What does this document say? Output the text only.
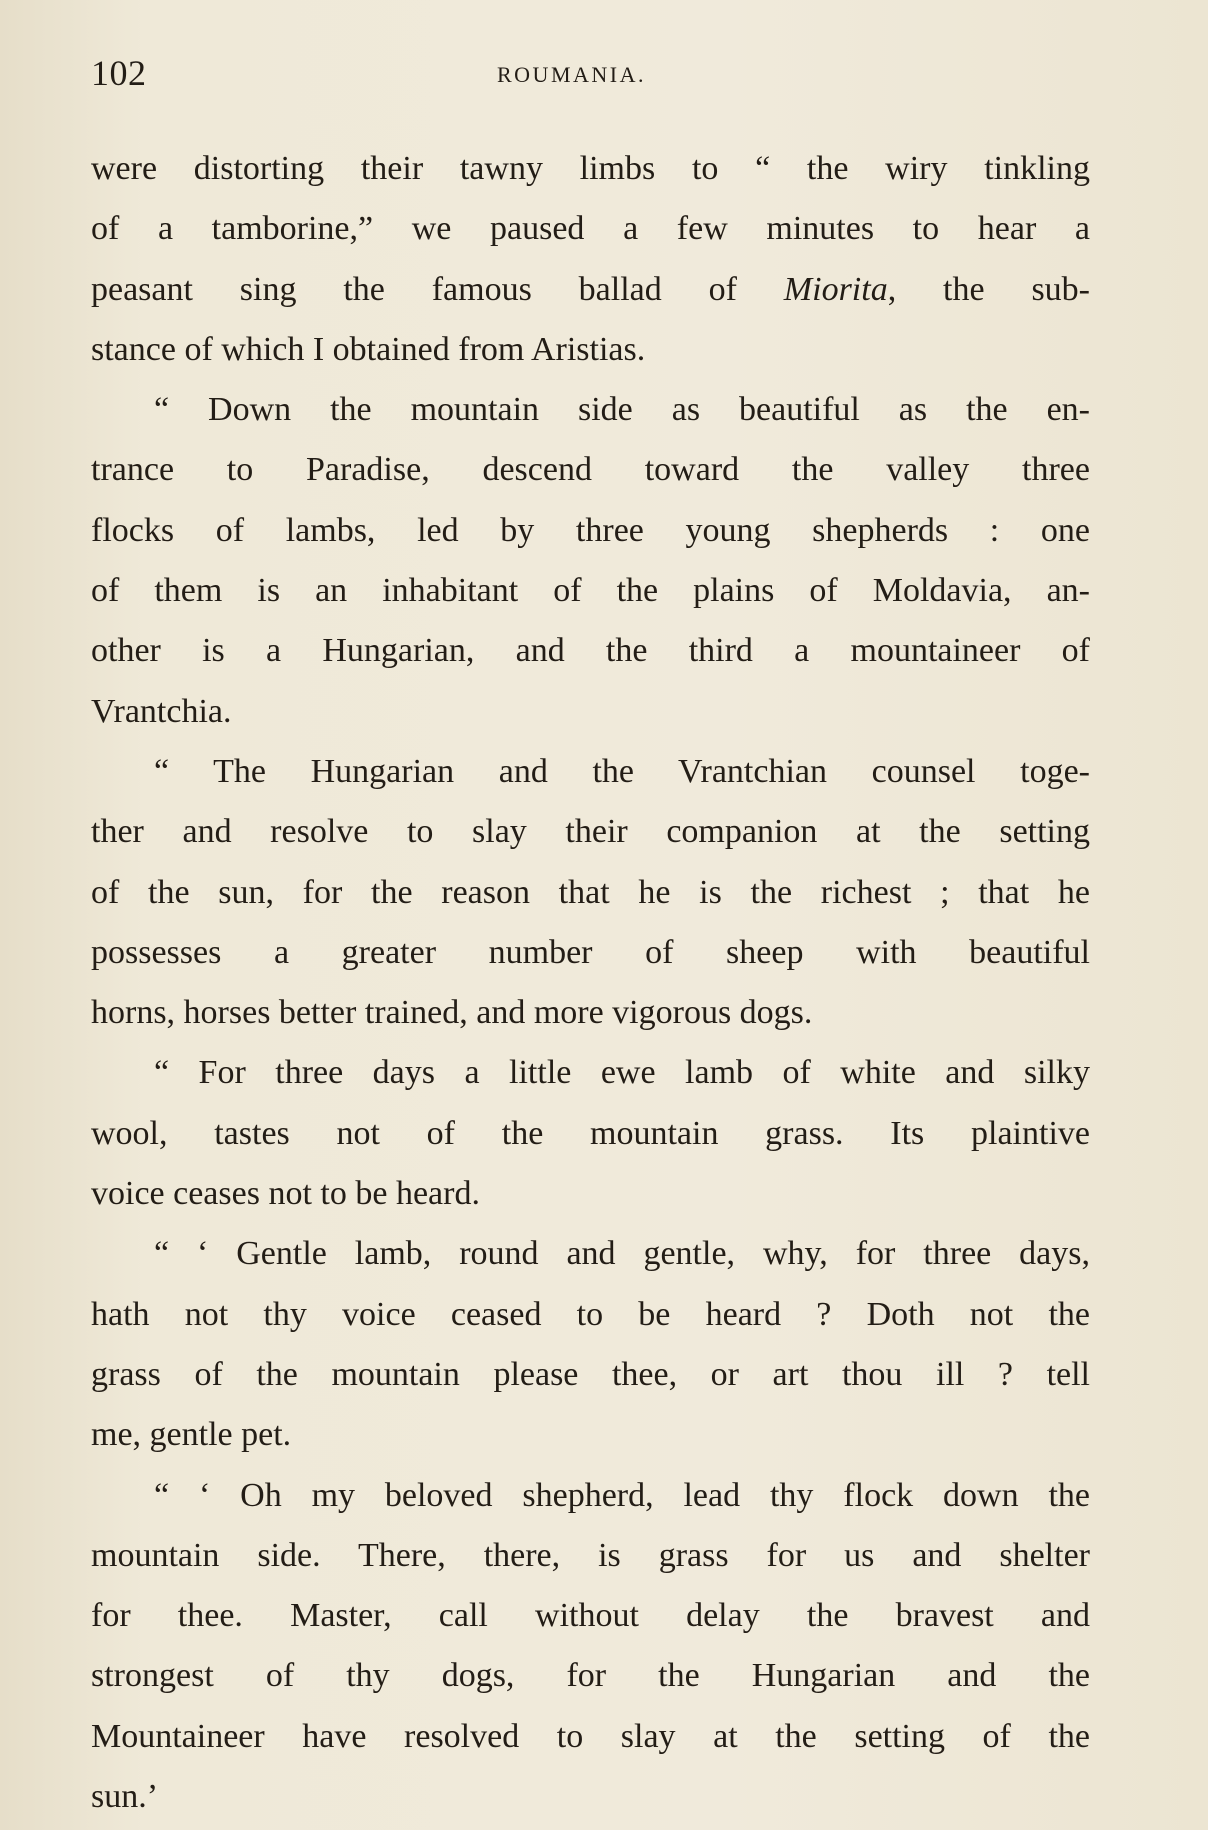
102	ROUMANIA.
were distorting their tawny limbs to “ the wiry tinkling
of a tamborine,” we paused a few minutes to hear a
peasant sing the famous ballad of Miorita, the sub-
stance of which I obtained from Aristias.
“ Down the mountain side as beautiful as the en-
trance to Paradise, descend toward the valley three
flocks of lambs, led by three young shepherds : one
of them is an inhabitant of the plains of Moldavia, an-
other is a Hungarian, and the third a mountaineer of
Vrantchia.
“ The Hungarian and the Vrantchian counsel toge-
ther and resolve to slay their companion at the setting
of the sun, for the reason that he is the richest ; that he
possesses a greater number of sheep with beautiful
horns, horses better trained, and more vigorous dogs.
“ For three days a little ewe lamb of white and silky
wool, tastes not of the mountain grass. Its plaintive
voice ceases not to be heard.
“ ‘ Gentle lamb, round and gentle, why, for three days,
hath not thy voice ceased to be heard ? Doth not the
grass of the mountain please thee, or art thou ill ? tell
me, gentle pet.
“ ‘ Oh my beloved shepherd, lead thy flock down the
mountain side. There, there, is grass for us and shelter
for thee. Master, call without delay the bravest and
strongest of thy dogs, for the Hungarian and the
Mountaineer have resolved to slay at the setting of the
sun.’
